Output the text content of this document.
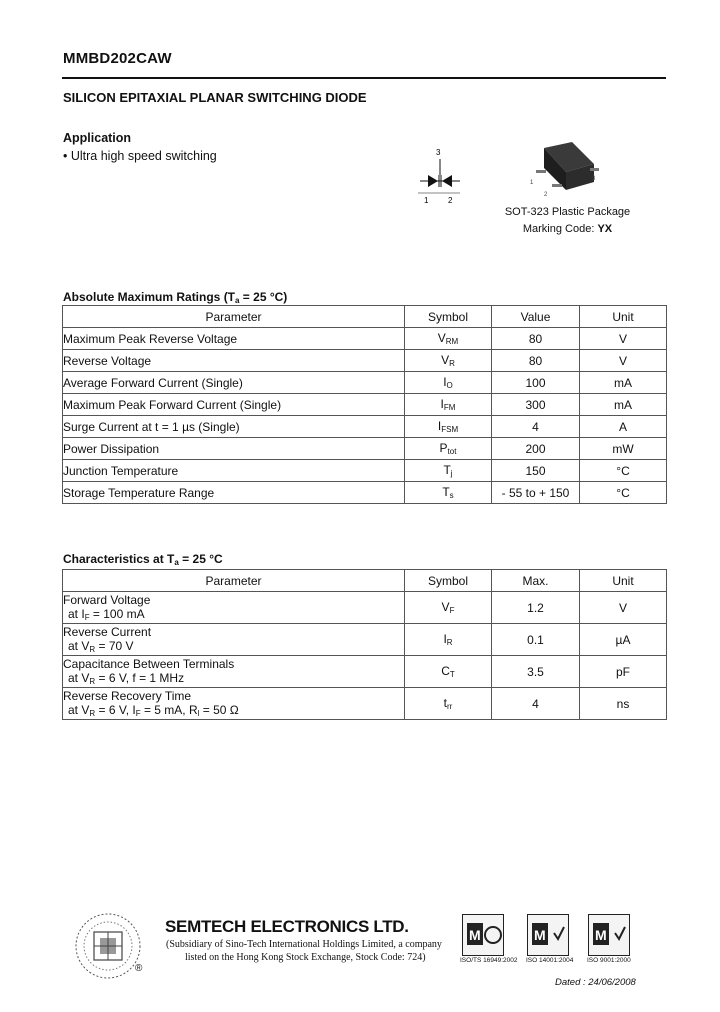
MMBD202CAW
SILICON EPITAXIAL PLANAR SWITCHING DIODE
Application
• Ultra high speed switching	3
1 2
1
2
3
SOT-323 Plastic Package
Marking Code: YX
Absolute Maximum Ratings ($T_a = 25$ °C)
Parameter	Symbol	Value	Unit
Maximum Peak Reverse Voltage	$V_{RM}$	80	V
Reverse Voltage	$V_R$	80	V
Average Forward Current (Single)	$I_O$	100	mA
Maximum Peak Forward Current (Single)	$I_{FM}$	300	mA
Surge Current at t = 1 µs (Single)	$I_{FSM}$	4	A
Power Dissipation	$P_{tot}$	200	mW
Junction Temperature	$T_j$	150	°C
Storage Temperature Range	$T_s$	- 55 to + 150	°C
Characteristics at $T_a = 25$ °C
Parameter	Symbol	Max.	Unit

Forward Voltage
at $I_F = 100$ mA	$V_F$	1.2	V

Reverse Current
at $V_R = 70$ V	$I_R$	0.1	µA

Capacitance Between Terminals
at $V_R = 6$ V, f = 1 MHz	$C_T$	3.5	pF

Reverse Recovery Time
at $V_R = 6$ V, $I_F = 5$ mA, $R_l = 50$ Ω	$t_{rr}$	4	ns
®
SEMTECH ELECTRONICS LTD.
(Subsidiary of Sino-Tech International Holdings Limited, a company
listed on the Hong Kong Stock Exchange, Stock Code: 724)
M
ISO/TS 16949:2002
M
ISO 14001:2004
M
ISO 9001:2000
Dated : 24/06/2008
